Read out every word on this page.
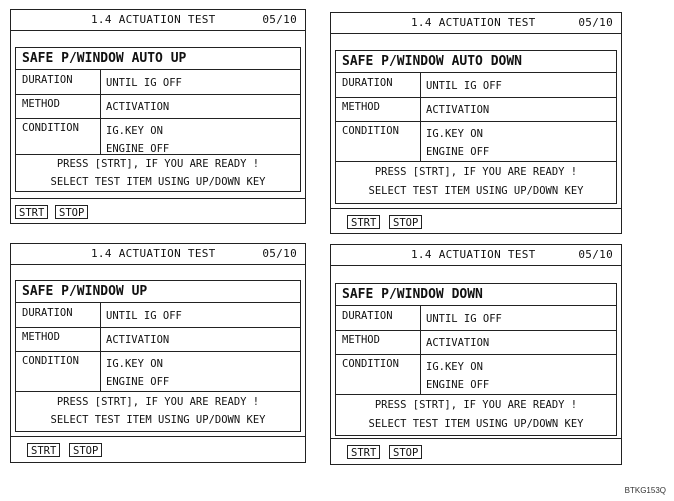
1.4 ACTUATION TEST	05/10
SAFE P/WINDOW AUTO UP
DURATION	UNTIL IG OFF
METHOD	ACTIVATION
CONDITION	IG.KEY ON
ENGINE OFF
PRESS [STRT], IF YOU ARE READY !
SELECT TEST ITEM USING UP/DOWN KEY
STRT	STOP
1.4 ACTUATION TEST	05/10
SAFE P/WINDOW AUTO DOWN
DURATION	UNTIL IG OFF
METHOD	ACTIVATION
CONDITION	IG.KEY ON
ENGINE OFF
PRESS [STRT], IF YOU ARE READY !
SELECT TEST ITEM USING UP/DOWN KEY
STRT	STOP
1.4 ACTUATION TEST	05/10
SAFE P/WINDOW UP
DURATION	UNTIL IG OFF
METHOD	ACTIVATION
CONDITION	IG.KEY ON
ENGINE OFF
PRESS [STRT], IF YOU ARE READY !
SELECT TEST ITEM USING UP/DOWN KEY
STRT	STOP
1.4 ACTUATION TEST	05/10
SAFE P/WINDOW DOWN
DURATION	UNTIL IG OFF
METHOD	ACTIVATION
CONDITION	IG.KEY ON
ENGINE OFF
PRESS [STRT], IF YOU ARE READY !
SELECT TEST ITEM USING UP/DOWN KEY
STRT	STOP
BTKG153Q
